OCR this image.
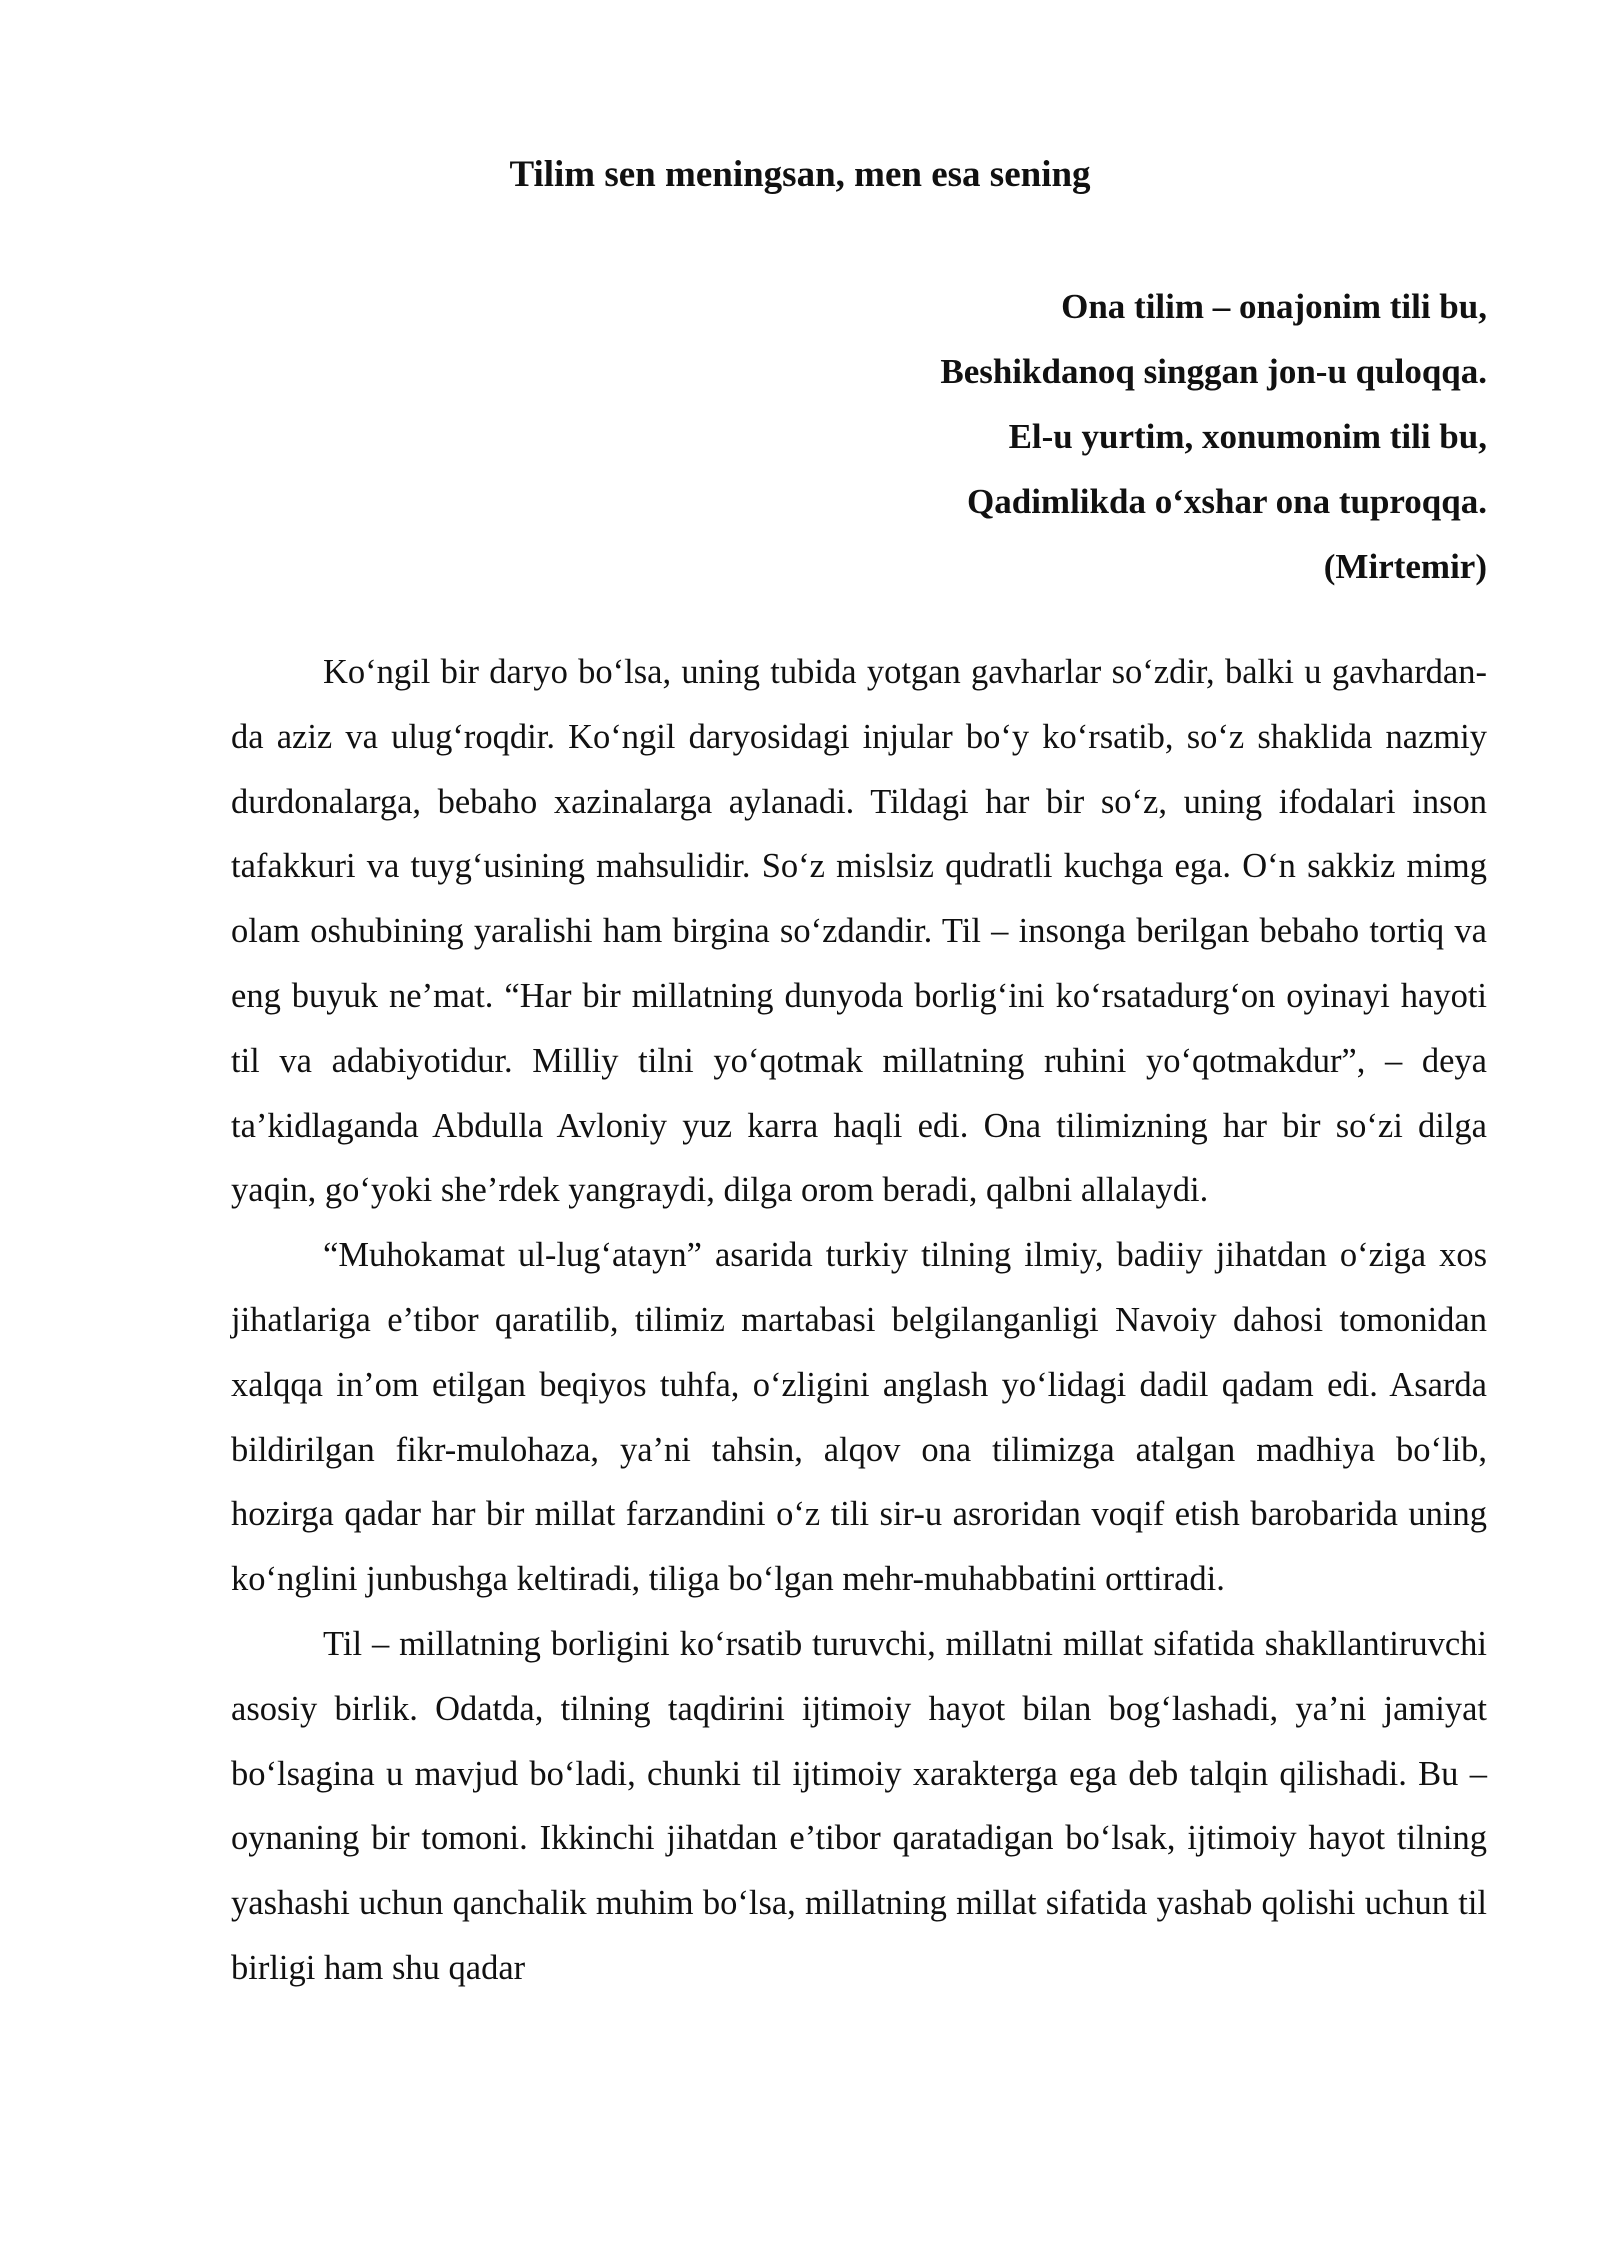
Tilim sen meningsan, men esa sening
Ona tilim – onajonim tili bu,
Beshikdanoq singgan jon-u quloqqa.
El-u yurtim, xonumonim tili bu,
Qadimlikda o‘xshar ona tuproqqa.
(Mirtemir)

Ko‘ngil bir daryo bo‘lsa, uning tubida yotgan gavharlar so‘zdir, balki u gavhardan-da aziz va ulug‘roqdir. Ko‘ngil daryosidagi injular bo‘y ko‘rsatib, so‘z shaklida nazmiy durdonalarga, bebaho xazinalarga aylanadi. Tildagi har bir so‘z, uning ifodalari inson tafakkuri va tuyg‘usining mahsulidir. So‘z mislsiz qudratli kuchga ega. O‘n sakkiz mimg olam oshubining yaralishi ham birgina so‘zdandir. Til – insonga berilgan bebaho tortiq va eng buyuk ne’mat. “Har bir millatning dunyoda borlig‘ini ko‘rsatadurg‘on oyinayi hayoti til va adabiyotidur. Milliy tilni yo‘qotmak millatning ruhini yo‘qotmakdur”, – deya ta’kidlaganda Abdulla Avloniy yuz karra haqli edi. Ona tilimizning har bir so‘zi dilga yaqin, go‘yoki she’rdek yangraydi, dilga orom beradi, qalbni allalaydi.

“Muhokamat ul-lug‘atayn” asarida turkiy tilning ilmiy, badiiy jihatdan o‘ziga xos jihatlariga e’tibor qaratilib, tilimiz martabasi belgilanganligi Navoiy dahosi tomonidan xalqqa in’om etilgan beqiyos tuhfa, o‘zligini anglash yo‘lidagi dadil qadam edi. Asarda bildirilgan fikr-mulohaza, ya’ni tahsin, alqov ona tilimizga atalgan madhiya bo‘lib, hozirga qadar har bir millat farzandini o‘z tili sir-u asroridan voqif etish barobarida uning ko‘nglini junbushga keltiradi, tiliga bo‘lgan mehr-muhabbatini orttiradi.

Til – millatning borligini ko‘rsatib turuvchi, millatni millat sifatida shakllantiruvchi asosiy birlik. Odatda, tilning taqdirini ijtimoiy hayot bilan bog‘lashadi, ya’ni jamiyat bo‘lsagina u mavjud bo‘ladi, chunki til ijtimoiy xarakterga ega deb talqin qilishadi. Bu – oynaning bir tomoni. Ikkinchi jihatdan e’tibor qaratadigan bo‘lsak, ijtimoiy hayot tilning yashashi uchun qanchalik muhim bo‘lsa, millatning millat sifatida yashab qolishi uchun til birligi ham shu qadar
